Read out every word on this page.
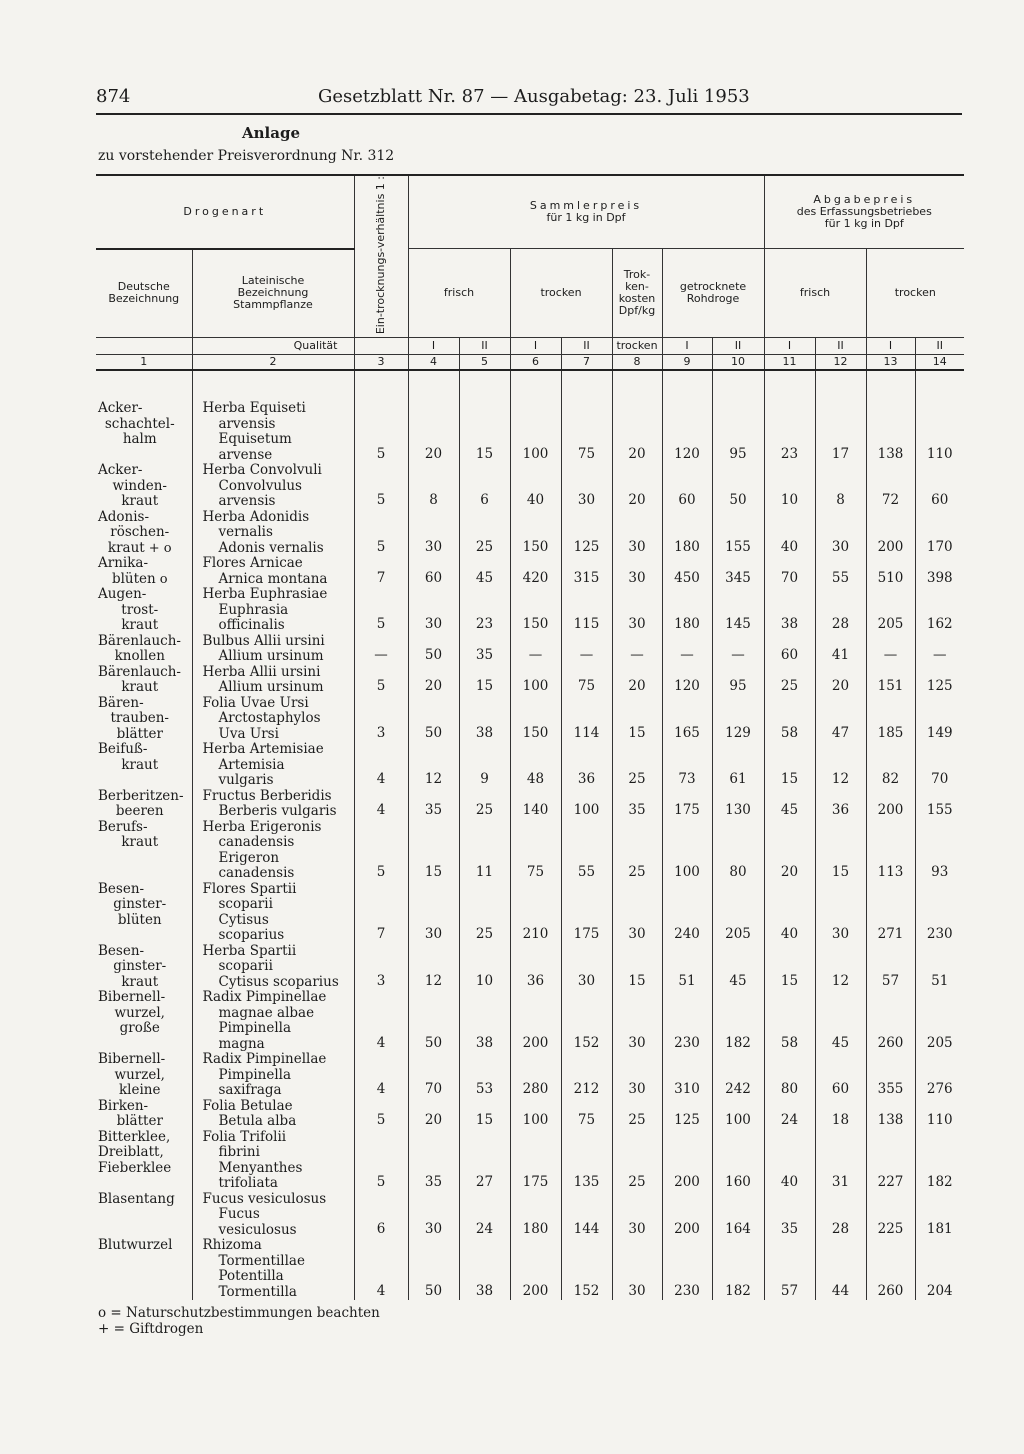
874	Gesetzblatt Nr. 87 — Ausgabetag: 23. Juli 1953
Anlage
zu vorstehender Preisverordnung Nr. 312
Drogenart		Ein-trocknungs-verhältnis 1 :	Sammlerpreis
für 1 kg in Dpf							Abgabepreis
des Erfassungsbetriebes
für 1 kg in Dpf			

Deutsche
Bezeichnung	Lateinische
Bezeichnung
Stammpflanze		frisch		trocken		Trok-
ken-
kosten
Dpf/kg	getrocknete
Rohdroge		frisch		trocken	
	Qualität		I	II	I	II	trocken	I	II	I	II	I	II
1	2	3	4	5	6	7	8	9	10	11	12	13	14

Acker-
schachtel-
halm	Herba Equiseti
arvensis
Equisetum
arvense	5	20	15	100	75	20	120	95	23	17	138	110

Acker-
winden-
kraut	Herba Convolvuli
Convolvulus
arvensis	5	8	6	40	30	20	60	50	10	8	72	60

Adonis-
röschen-
kraut + o	Herba Adonidis
vernalis
Adonis vernalis	5	30	25	150	125	30	180	155	40	30	200	170

Arnika-
blüten o	Flores Arnicae
Arnica montana	7	60	45	420	315	30	450	345	70	55	510	398

Augen-
trost-
kraut	Herba Euphrasiae
Euphrasia
officinalis	5	30	23	150	115	30	180	145	38	28	205	162

Bärenlauch-
knollen	Bulbus Allii ursini
Allium ursinum	—	50	35	—	—	—	—	—	60	41	—	—

Bärenlauch-
kraut	Herba Allii ursini
Allium ursinum	5	20	15	100	75	20	120	95	25	20	151	125

Bären-
trauben-
blätter	Folia Uvae Ursi
Arctostaphylos
Uva Ursi	3	50	38	150	114	15	165	129	58	47	185	149

Beifuß-
kraut	Herba Artemisiae
Artemisia
vulgaris	4	12	9	48	36	25	73	61	15	12	82	70

Berberitzen-
beeren	Fructus Berberidis
Berberis vulgaris	4	35	25	140	100	35	175	130	45	36	200	155

Berufs-
kraut	Herba Erigeronis
canadensis
Erigeron
canadensis	5	15	11	75	55	25	100	80	20	15	113	93

Besen-
ginster-
blüten	Flores Spartii
scoparii
Cytisus
scoparius	7	30	25	210	175	30	240	205	40	30	271	230

Besen-
ginster-
kraut	Herba Spartii
scoparii
Cytisus scoparius	3	12	10	36	30	15	51	45	15	12	57	51

Bibernell-
wurzel,
große	Radix Pimpinellae
magnae albae
Pimpinella
magna	4	50	38	200	152	30	230	182	58	45	260	205

Bibernell-
wurzel,
kleine	Radix Pimpinellae
Pimpinella
saxifraga	4	70	53	280	212	30	310	242	80	60	355	276

Birken-
blätter	Folia Betulae
Betula alba	5	20	15	100	75	25	125	100	24	18	138	110

Bitterklee,
Dreiblatt,
Fieberklee	Folia Trifolii
fibrini
Menyanthes
trifoliata	5	35	27	175	135	25	200	160	40	31	227	182

Blasentang	Fucus vesiculosus
Fucus
vesiculosus	6	30	24	180	144	30	200	164	35	28	225	181

Blutwurzel	Rhizoma
Tormentillae
Potentilla
Tormentilla	4	50	38	200	152	30	230	182	57	44	260	204
o = Naturschutzbestimmungen beachten
+ = Giftdrogen
